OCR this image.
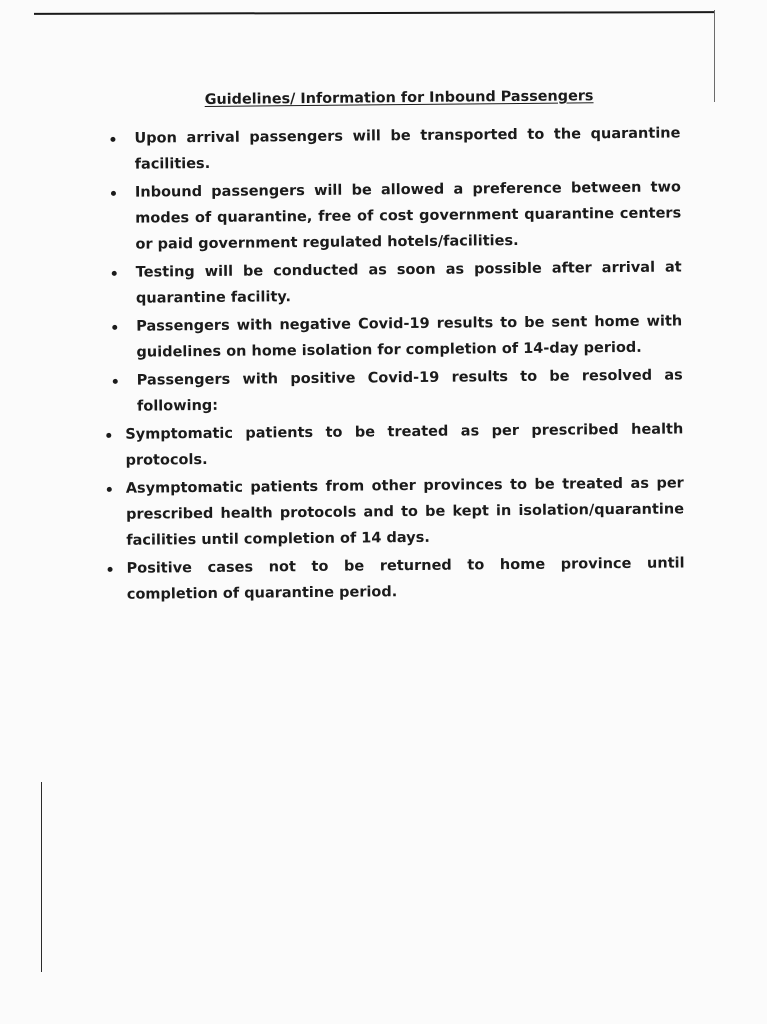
Guidelines/ Information for Inbound Passengers
Upon arrival passengers will be transported to the quarantine facilities.
Inbound passengers will be allowed a preference between two modes of quarantine, free of cost government quarantine centers or paid government regulated hotels/facilities.
Testing will be conducted as soon as possible after arrival at quarantine facility.
Passengers with negative Covid-19 results to be sent home with guidelines on home isolation for completion of 14-day period.
Passengers with positive Covid-19 results to be resolved as following:
Symptomatic patients to be treated as per prescribed health protocols.
Asymptomatic patients from other provinces to be treated as per prescribed health protocols and to be kept in isolation/quarantine facilities until completion of 14 days.
Positive cases not to be returned to home province until completion of quarantine period.
